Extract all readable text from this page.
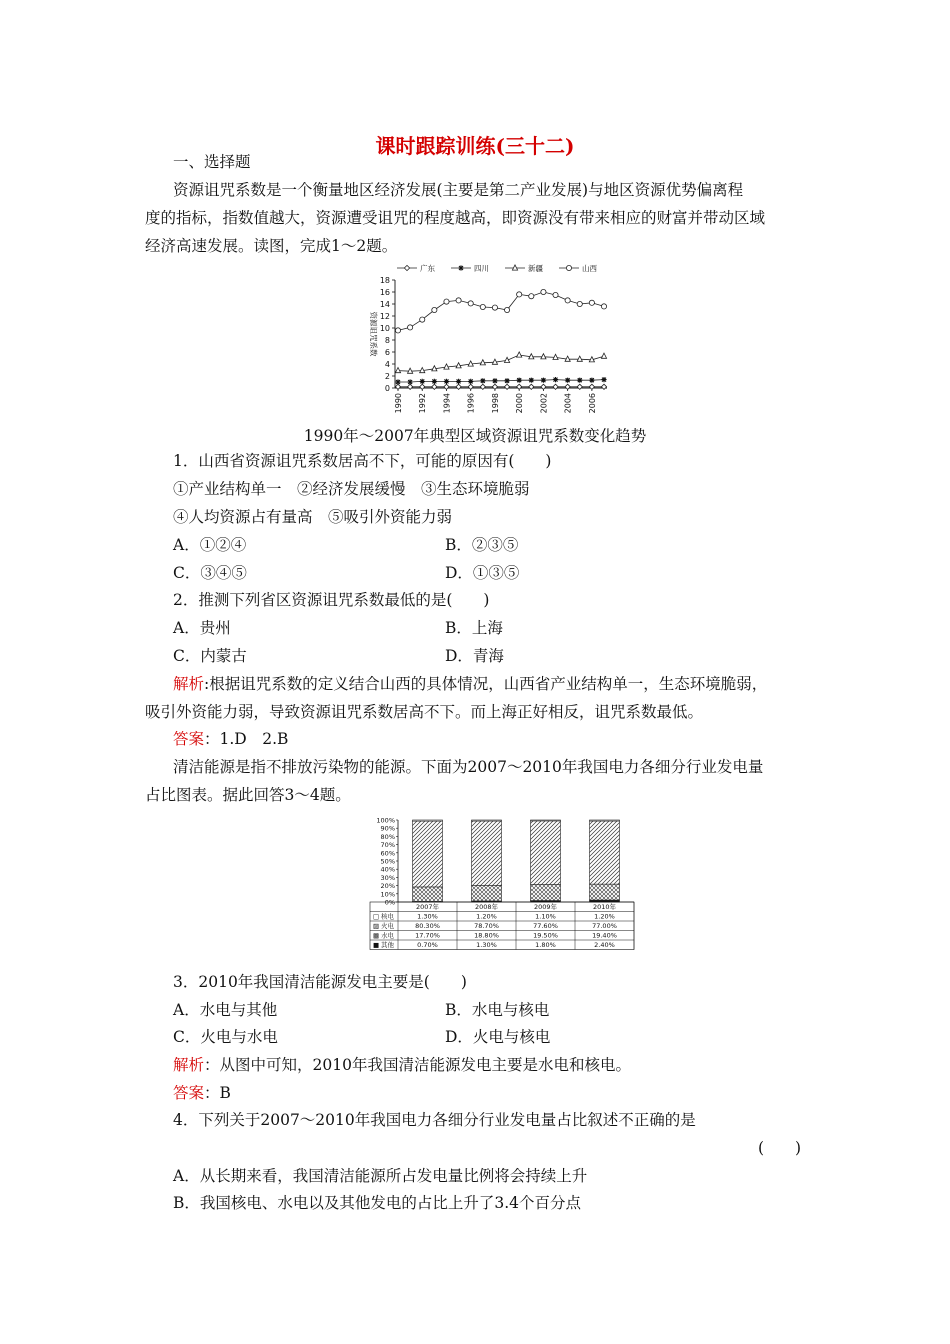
课时跟踪训练(三十二)
一、选择题
资源诅咒系数是一个衡量地区经济发展(主要是第二产业发展)与地区资源优势偏离程
度的指标，指数值越大，资源遭受诅咒的程度越高，即资源没有带来相应的财富并带动区域
经济高速发展。读图，完成1～2题。
广东	四川	新疆	山西
0
2
4
6
8
10
12
14
16
18
资源诅咒系数
1990 1992 1994 1996 1998 2000 2002 2004 2006
1990年～2007年典型区域资源诅咒系数变化趋势
1．山西省资源诅咒系数居高不下，可能的原因有(　　)
①产业结构单一　②经济发展缓慢　③生态环境脆弱
④人均资源占有量高　⑤吸引外资能力弱
A．①②④	B．②③⑤
C．③④⑤	D．①③⑤
2．推测下列省区资源诅咒系数最低的是(　　)
A．贵州	B．上海
C．内蒙古	D．青海
解析:根据诅咒系数的定义结合山西的具体情况，山西省产业结构单一，生态环境脆弱，
吸引外资能力弱，导致资源诅咒系数居高不下。而上海正好相反，诅咒系数最低。
答案：1.D　2.B
清洁能源是指不排放污染物的能源。下面为2007～2010年我国电力各细分行业发电量
占比图表。据此回答3～4题。
0%
10%
20%
30%
40%
50%
60%
70%
80%
90%
100%
2007年	2008年	2009年	2010年
□ 核电	1.30%	1.20%	1.10%	1.20%
▨ 火电	80.30%	78.70%	77.60%	77.00%
▩ 水电	17.70%	18.80%	19.50%	19.40%
■ 其他	0.70%	1.30%	1.80%	2.40%
3．2010年我国清洁能源发电主要是(　　)
A．水电与其他	B．水电与核电
C．火电与水电	D．火电与核电
解析：从图中可知，2010年我国清洁能源发电主要是水电和核电。
答案：B
4．下列关于2007～2010年我国电力各细分行业发电量占比叙述不正确的是
(　　)
A．从长期来看，我国清洁能源所占发电量比例将会持续上升
B．我国核电、水电以及其他发电的占比上升了3.4个百分点
